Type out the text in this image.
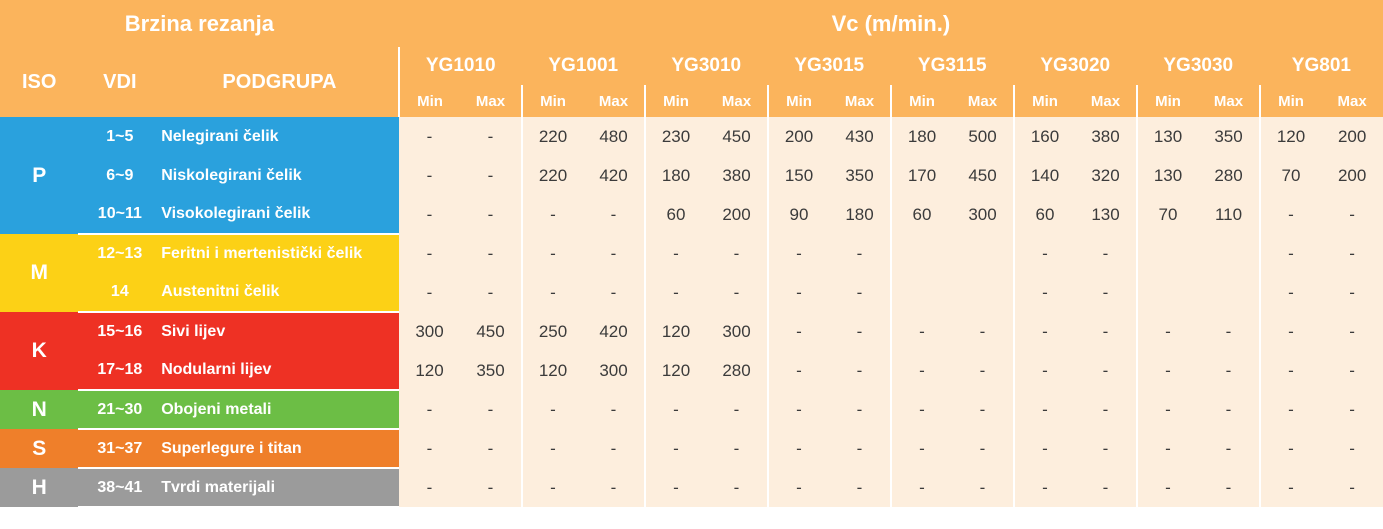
Brzina rezanja			Vc (m/min.)															
ISO	VDI	PODGRUPA	YG1010		YG1001		YG3010		YG3015		YG3115		YG3020		YG3030		YG801	
			Min	Max	Min	Max	Min	Max	Min	Max	Min	Max	Min	Max	Min	Max	Min	Max
P	1~5	Nelegirani čelik	-	-	220	480	230	450	200	430	180	500	160	380	130	350	120	200
	6~9	Niskolegirani čelik	-	-	220	420	180	380	150	350	170	450	140	320	130	280	70	200
	10~11	Visokolegirani čelik	-	-	-	-	60	200	90	180	60	300	60	130	70	110	-	-
M	12~13	Feritni i mertenistički čelik	-	-	-	-	-	-	-	-			-	-			-	-
	14	Austenitni čelik	-	-	-	-	-	-	-	-			-	-			-	-
K	15~16	Sivi lijev	300	450	250	420	120	300	-	-	-	-	-	-	-	-	-	-
	17~18	Nodularni lijev	120	350	120	300	120	280	-	-	-	-	-	-	-	-	-	-
N	21~30	Obojeni metali	-	-	-	-	-	-	-	-	-	-	-	-	-	-	-	-
S	31~37	Superlegure i titan	-	-	-	-	-	-	-	-	-	-	-	-	-	-	-	-
H	38~41	Tvrdi materijali	-	-	-	-	-	-	-	-	-	-	-	-	-	-	-	-
